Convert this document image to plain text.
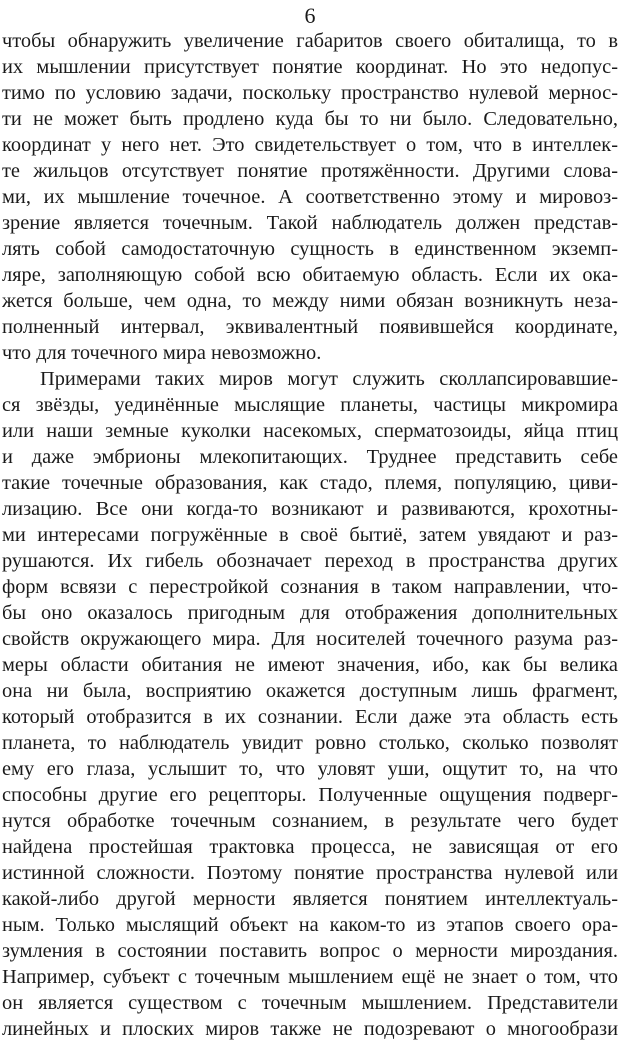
6
чтобы обнаружить увеличение габаритов своего обиталища, то в
их мышлении присутствует понятие координат. Но это недопус-
тимо по условию задачи, поскольку пространство нулевой мернос-
ти не может быть продлено куда бы то ни было. Следовательно,
координат у него нет. Это свидетельствует о том, что в интеллек-
те жильцов отсутствует понятие протяжённости. Другими слова-
ми, их мышление точечное. А соответственно этому и мировоз-
зрение является точечным. Такой наблюдатель должен представ-
лять собой самодостаточную сущность в единственном экземп-
ляре, заполняющую собой всю обитаемую область. Если их ока-
жется больше, чем одна, то между ними обязан возникнуть неза-
полненный интервал, эквивалентный появившейся координате,
что для точечного мира невозможно.
Примерами таких миров могут служить сколлапсировавшие-
ся звёзды, уединённые мыслящие планеты, частицы микромира
или наши земные куколки насекомых, сперматозоиды, яйца птиц
и даже эмбрионы млекопитающих. Труднее представить себе
такие точечные образования, как стадо, племя, популяцию, циви-
лизацию. Все они когда-то возникают и развиваются, крохотны-
ми интересами погружённые в своё бытиё, затем увядают и раз-
рушаются. Их гибель обозначает переход в пространства других
форм всвязи с перестройкой сознания в таком направлении, что-
бы оно оказалось пригодным для отображения дополнительных
свойств окружающего мира. Для носителей точечного разума раз-
меры области обитания не имеют значения, ибо, как бы велика
она ни была, восприятию окажется доступным лишь фрагмент,
который отобразится в их сознании. Если даже эта область есть
планета, то наблюдатель увидит ровно столько, сколько позволят
ему его глаза, услышит то, что уловят уши, ощутит то, на что
способны другие его рецепторы. Полученные ощущения подверг-
нутся обработке точечным сознанием, в результате чего будет
найдена простейшая трактовка процесса, не зависящая от его
истинной сложности. Поэтому понятие пространства нулевой или
какой-либо другой мерности является понятием интеллектуаль-
ным. Только мыслящий объект на каком-то из этапов своего ора-
зумления в состоянии поставить вопрос о мерности мироздания.
Например, субъект с точечным мышлением ещё не знает о том, что
он является существом с точечным мышлением. Представители
линейных и плоских миров также не подозревают о многообрази
